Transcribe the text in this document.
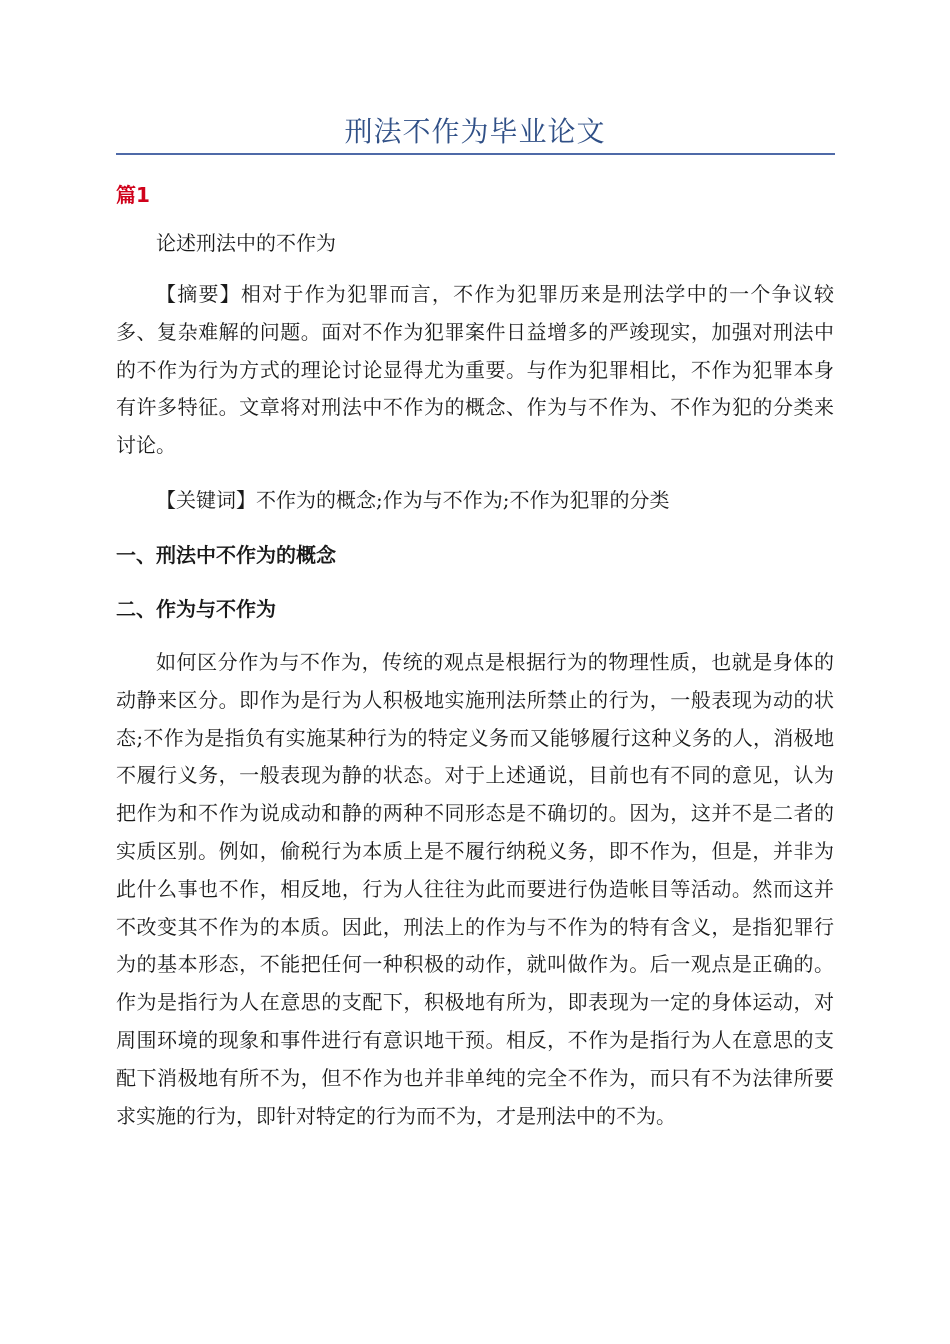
刑法不作为毕业论文
篇1

论述刑法中的不作为

【摘要】相对于作为犯罪而言，不作为犯罪历来是刑法学中的一个争议较多、复杂难解的问题。面对不作为犯罪案件日益增多的严竣现实，加强对刑法中的不作为行为方式的理论讨论显得尤为重要。与作为犯罪相比，不作为犯罪本身有许多特征。文章将对刑法中不作为的概念、作为与不作为、不作为犯的分类来讨论。

【关键词】不作为的概念;作为与不作为;不作为犯罪的分类

一、刑法中不作为的概念
二、作为与不作为

如何区分作为与不作为，传统的观点是根据行为的物理性质，也就是身体的动静来区分。即作为是行为人积极地实施刑法所禁止的行为，一般表现为动的状态;不作为是指负有实施某种行为的特定义务而又能够履行这种义务的人，消极地不履行义务，一般表现为静的状态。对于上述通说，目前也有不同的意见，认为把作为和不作为说成动和静的两种不同形态是不确切的。因为，这并不是二者的实质区别。例如，偷税行为本质上是不履行纳税义务，即不作为，但是，并非为此什么事也不作，相反地，行为人往往为此而要进行伪造帐目等活动。然而这并不改变其不作为的本质。因此，刑法上的作为与不作为的特有含义，是指犯罪行为的基本形态，不能把任何一种积极的动作，就叫做作为。后一观点是正确的。作为是指行为人在意思的支配下，积极地有所为，即表现为一定的身体运动，对周围环境的现象和事件进行有意识地干预。相反，不作为是指行为人在意思的支配下消极地有所不为，但不作为也并非单纯的完全不作为，而只有不为法律所要求实施的行为，即针对特定的行为而不为，才是刑法中的不为。
